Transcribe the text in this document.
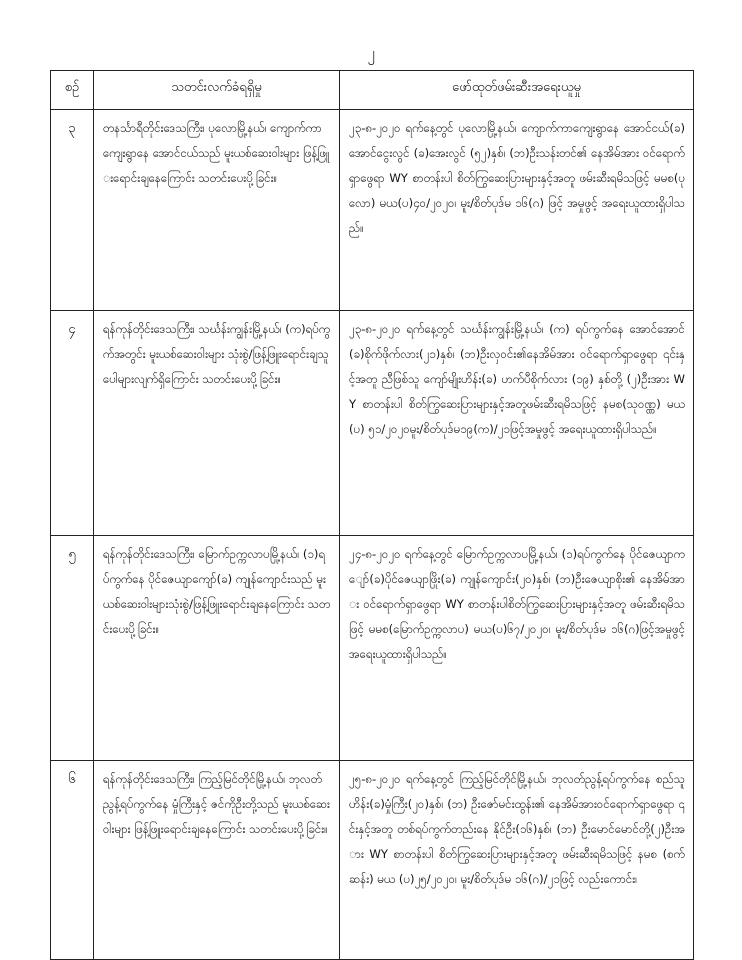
၂
စဉ်	သတင်းလက်ခံရရှိမှု	ဖော်ထုတ်ဖမ်းဆီးအရေးယူမှု
၃	တနင်္သာရီတိုင်းဒေသကြီး၊ ပုလောမြို့နယ်၊ ကျောက်ကာကျေးရွာနေ အောင်ငယ်သည် မူးယစ်ဆေးဝါးများ ဖြန့်ဖြူးရောင်းချနေကြောင်း သတင်းပေးပို့ခြင်း။	၂၃-၈-၂၀၂၀ ရက်နေ့တွင် ပုလောမြို့နယ်၊ ကျောက်ကာကျေးရွာနေ အောင်ငယ်(ခ) အောင်ငွေးလွင် (ခ)အေးလွင် (၅၂)နှစ်၊ (ဘ)ဦးသန်းတင်၏ နေအိမ်အား ဝင်ရောက်ရှာဖွေရာ WY စာတန်းပါ စိတ်ကြွဆေးပြားများနှင့်အတူ ဖမ်းဆီးရမိသဖြင့် မမစ(ပုလော) မယ(ပ)၄၀/၂၀၂၀၊ မူး/စိတ်ပုဒ်မ ၁၆(ဂ) ဖြင့် အမှုဖွင့် အရေးယူထားရှိပါသည်။
၄	ရန်ကုန်တိုင်းဒေသကြီး၊ သင်္ဃန်းကျွန်းမြို့နယ်၊ (က)ရပ်ကွက်အတွင်း မူးယစ်ဆေးဝါးများ သုံးစွဲ/ဖြန့်ဖြူးရောင်းချသူ ပေါများလျက်ရှိကြောင်း သတင်းပေးပို့ခြင်း။	၂၃-၈-၂၀၂၀ ရက်နေ့တွင် သင်္ဃန်းကျွန်းမြို့နယ်၊ (က) ရပ်ကွက်နေ အောင်အောင်(ခ)စိုက်ဖိုက်လား(၂၁)နှစ်၊ (ဘ)ဦးလှဝင်း၏နေအိမ်အား ဝင်ရောက်ရှာဖွေရာ ၎င်းနှင့်အတူ ညီဖြစ်သူ ကျော်မျိုးဟိန်း(ခ) ဟက်ပီစိုက်လား (၁၉) နှစ်တို့ (၂)ဦးအား WY စာတန်းပါ စိတ်ကြွဆေးပြားများနှင့်အတူဖမ်းဆီးရမိသဖြင့် နမစ(သုဝဏ္ဏ) မယ(ပ) ၅၁/၂၀၂၀မူး/စိတ်ပုဒ်မ၁၉(က)/၂၁ဖြင့်အမှုဖွင့် အရေးယူထားရှိပါသည်။
၅	ရန်ကုန်တိုင်းဒေသကြီး၊ မြောက်ဥက္ကလာပမြို့နယ်၊ (၁)ရပ်ကွက်နေ ပိုင်ဇေယျာကျော်(ခ) ကျုန်ကျောင်းသည် မူးယစ်ဆေးဝါးများသုံးစွဲ/ဖြန့်ဖြူးရောင်းချနေကြောင်း သတင်းပေးပို့ခြင်း။	၂၄-၈-၂၀၂၀ ရက်နေ့တွင် မြောက်ဥက္ကလာပမြို့နယ်၊ (၁)ရပ်ကွက်နေ ပိုင်ဇေယျာကျော်(ခ)ပိုင်ဇေယျာဖြိုး(ခ) ကျုန်ကျောင်း(၂၀)နှစ်၊ (ဘ)ဦးဇေယျာစိုး၏ နေအိမ်အား ဝင်ရောက်ရှာဖွေရာ WY စာတန်းပါစိတ်ကြွဆေးပြားများနှင့်အတူ ဖမ်းဆီးရမိသဖြင့် မမစ(မြောက်ဥက္ကလာပ) မယ(ပ)၆၇/၂၀၂၀၊ မူး/စိတ်ပုဒ်မ ၁၆(ဂ)ဖြင့်အမှုဖွင့် အရေးယူထားရှိပါသည်။
၆	ရန်ကုန်တိုင်းဒေသကြီး၊ ကြည့်မြင်တိုင်မြို့နယ်၊ ဘုလတ်ညွန့်ရပ်ကွက်နေ မှုံကြီးနှင့် ဇင်ကိုဦးတို့သည် မူးယစ်ဆေးဝါးများ ဖြန့်ဖြူးရောင်းချနေကြောင်း သတင်းပေးပို့ခြင်း။	၂၅-၈-၂၀၂၀ ရက်နေ့တွင် ကြည့်မြင်တိုင်မြို့နယ်၊ ဘုလတ်ညွန့်ရပ်ကွက်နေ စည်သူဟိန်း(ခ)မှုံကြီး(၂၀)နှစ်၊ (ဘ) ဦးဇော်မင်းထွန်း၏ နေအိမ်အားဝင်ရောက်ရှာဖွေရာ ၎င်းနှင့်အတူ တစ်ရပ်ကွက်တည်းနေ နိုင်ဦး(၁၆)နှစ်၊ (ဘ) ဦးမောင်မောင်တို့(၂)ဦးအား WY စာတန်းပါ စိတ်ကြွဆေးပြားများနှင့်အတူ ဖမ်းဆီးရမိသဖြင့် နမစ (စက်ဆန်း) မယ (ပ)၂၅/၂၀၂၀၊ မူး/စိတ်ပုဒ်မ ၁၆(ဂ)/၂၁ဖြင့် လည်းကောင်း၊
